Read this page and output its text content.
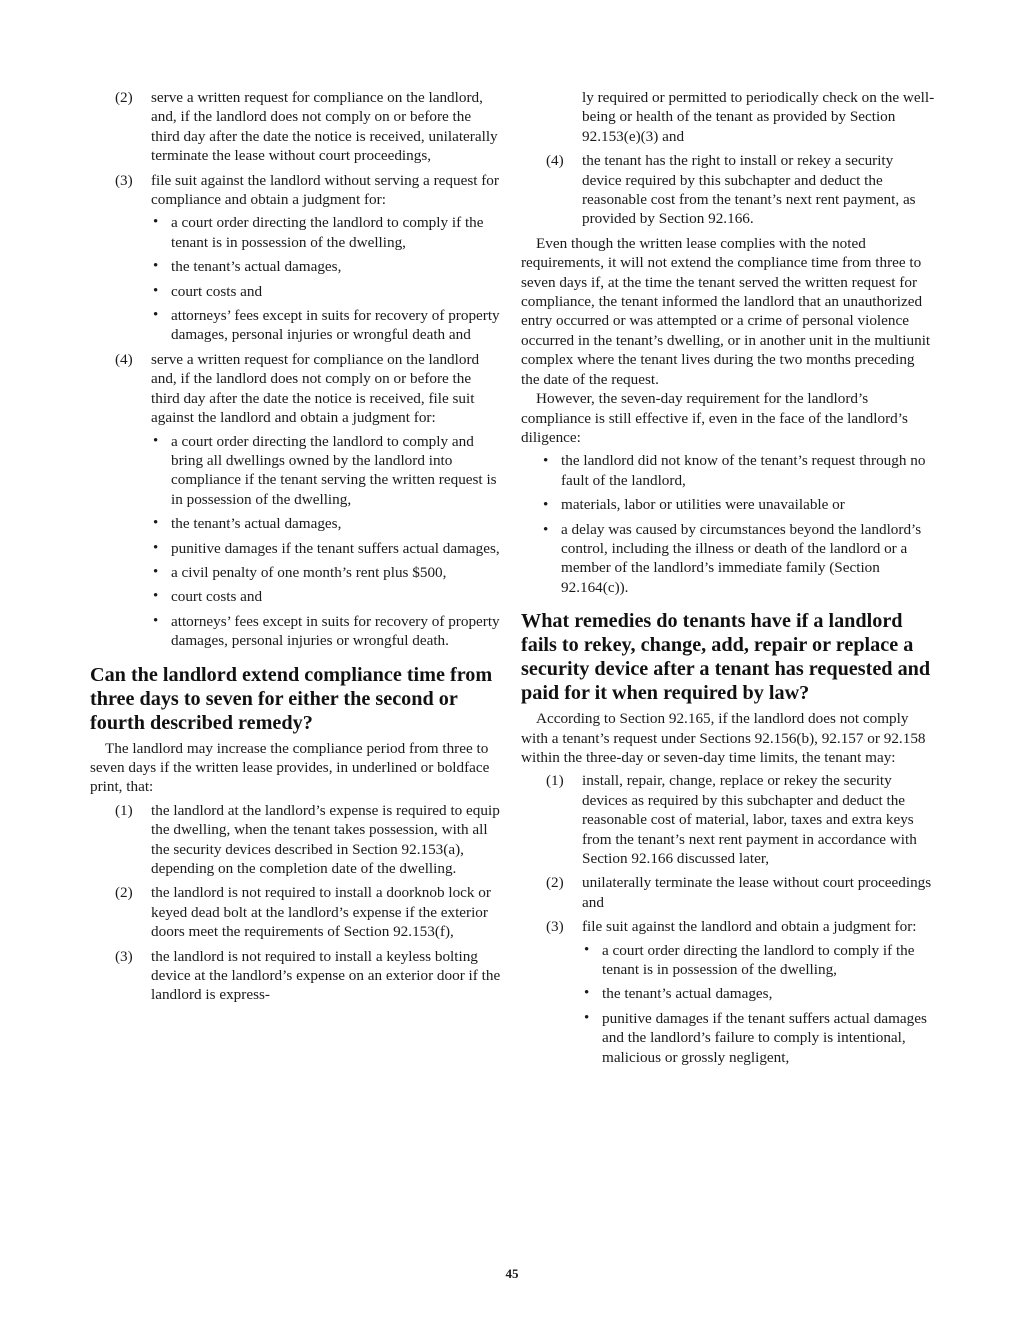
(2) serve a written request for compliance on the landlord, and, if the landlord does not comply on or before the third day after the date the notice is received, unilaterally terminate the lease without court proceedings,
(3) file suit against the landlord without serving a request for compliance and obtain a judgment for:
• a court order directing the landlord to comply if the tenant is in possession of the dwelling,
• the tenant’s actual damages,
• court costs and
• attorneys’ fees except in suits for recovery of property damages, personal injuries or wrongful death and
(4) serve a written request for compliance on the landlord and, if the landlord does not comply on or before the third day after the date the notice is received, file suit against the landlord and obtain a judgment for:
• a court order directing the landlord to comply and bring all dwellings owned by the landlord into compliance if the tenant serving the written request is in possession of the dwelling,
• the tenant’s actual damages,
• punitive damages if the tenant suffers actual damages,
• a civil penalty of one month’s rent plus $500,
• court costs and
• attorneys’ fees except in suits for recovery of property damages, personal injuries or wrongful death.
Can the landlord extend compliance time from three days to seven for either the second or fourth described remedy?

The landlord may increase the compliance period from three to seven days if the written lease provides, in underlined or boldface print, that:

(1) the landlord at the landlord’s expense is required to equip the dwelling, when the tenant takes possession, with all the security devices described in Section 92.153(a), depending on the completion date of the dwelling.
(2) the landlord is not required to install a doorknob lock or keyed dead bolt at the landlord’s expense if the exterior doors meet the requirements of Section 92.153(f),
(3) the landlord is not required to install a keyless bolting device at the landlord’s expense on an exterior door if the landlord is express-
ly required or permitted to periodically check on the well-being or health of the tenant as provided by Section 92.153(e)(3) and
(4) the tenant has the right to install or rekey a security device required by this subchapter and deduct the reasonable cost from the tenant’s next rent payment, as provided by Section 92.166.

Even though the written lease complies with the noted requirements, it will not extend the compliance time from three to seven days if, at the time the tenant served the written request for compliance, the tenant informed the landlord that an unauthorized entry occurred or was attempted or a crime of personal violence occurred in the tenant’s dwelling, or in another unit in the multiunit complex where the tenant lives during the two months preceding the date of the request.

However, the seven-day requirement for the landlord’s compliance is still effective if, even in the face of the landlord’s diligence:

• the landlord did not know of the tenant’s request through no fault of the landlord,
• materials, labor or utilities were unavailable or
• a delay was caused by circumstances beyond the landlord’s control, including the illness or death of the landlord or a member of the landlord’s immediate family (Section 92.164(c)).
What remedies do tenants have if a landlord fails to rekey, change, add, repair or replace a security device after a tenant has requested and paid for it when required by law?

According to Section 92.165, if the landlord does not comply with a tenant’s request under Sections 92.156(b), 92.157 or 92.158 within the three-day or seven-day time limits, the tenant may:

(1) install, repair, change, replace or rekey the security devices as required by this subchapter and deduct the reasonable cost of material, labor, taxes and extra keys from the tenant’s next rent payment in accordance with Section 92.166 discussed later,
(2) unilaterally terminate the lease without court proceedings and
(3) file suit against the landlord and obtain a judgment for:
• a court order directing the landlord to comply if the tenant is in possession of the dwelling,
• the tenant’s actual damages,
• punitive damages if the tenant suffers actual damages and the landlord’s failure to comply is intentional, malicious or grossly negligent,
45
